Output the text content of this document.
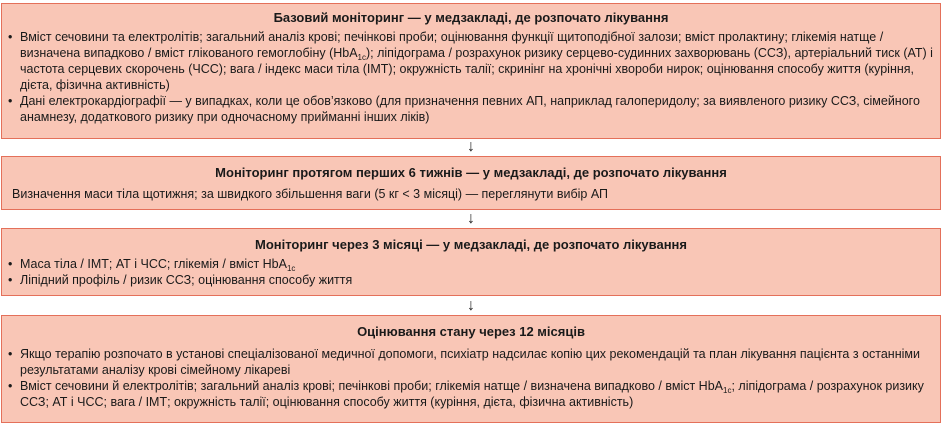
Базовий моніторинг — у медзакладі, де розпочато лікування
• Вміст сечовини та електролітів; загальний аналіз крові; печінкові проби; оцінювання функції щитоподібної залози; вміст пролактину; глікемія натще / визначена випадково / вміст глікованого гемоглобіну (HbA$_{1c}$); ліпідограма / розрахунок ризику серцево-судинних захворювань (ССЗ), артеріальний тиск (АТ) і частота серцевих скорочень (ЧСС); вага / індекс маси тіла (ІМТ); окружність талії; скринінг на хронічні хвороби нирок; оцінювання способу життя (куріння, дієта, фізична активність)
• Дані електрокардіографії — у випадках, коли це обов’язково (для призначення певних АП, наприклад галоперидолу; за виявленого ризику ССЗ, сімейного анамнезу, додаткового ризику при одночасному прийманні інших ліків)
↓
Моніторинг протягом перших 6 тижнів — у медзакладі, де розпочато лікування
Визначення маси тіла щотижня; за швидкого збільшення ваги (5 кг < 3 місяці) — переглянути вибір АП
↓
Моніторинг через 3 місяці — у медзакладі, де розпочато лікування
• Маса тіла / ІМТ; АТ і ЧСС; глікемія / вміст HbA$_{1c}$
• Ліпідний профіль / ризик ССЗ; оцінювання способу життя
↓
Оцінювання стану через 12 місяців
• Якщо терапію розпочато в установі спеціалізованої медичної допомоги, психіатр надсилає копію цих рекомендацій та план лікування пацієнта з останніми результатами аналізу крові сімейному лікареві
• Вміст сечовини й електролітів; загальний аналіз крові; печінкові проби; глікемія натще / визначена випадково / вміст HbA$_{1c}$; ліпідограма / розрахунок ризику ССЗ; АТ і ЧСС; вага / ІМТ; окружність талії; оцінювання способу життя (куріння, дієта, фізична активність)
